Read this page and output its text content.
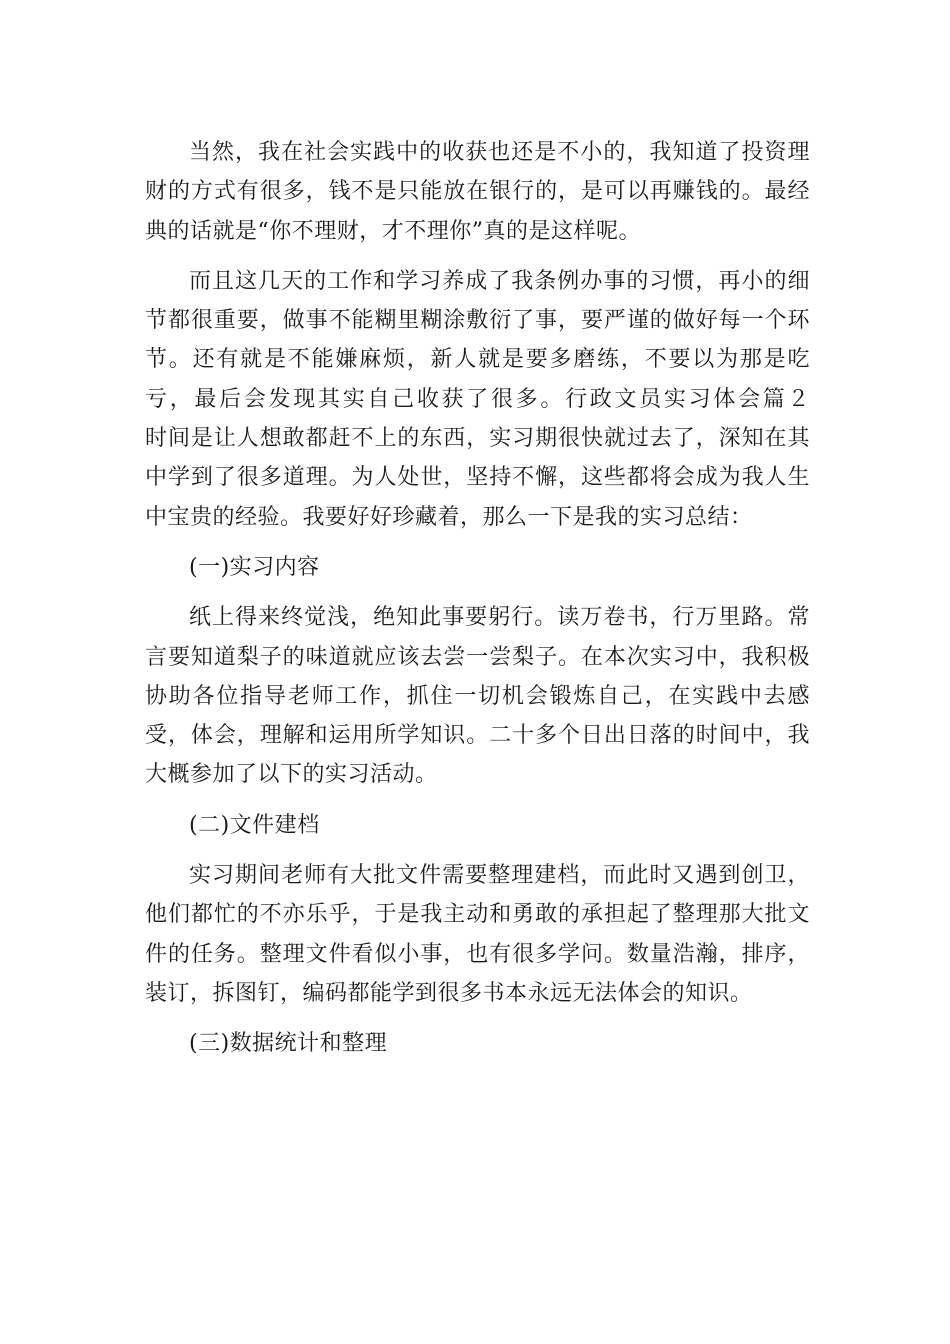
当然，我在社会实践中的收获也还是不小的，我知道了投资理财的方式有很多，钱不是只能放在银行的，是可以再赚钱的。最经典的话就是“你不理财，才不理你”真的是这样呢。

而且这几天的工作和学习养成了我条例办事的习惯，再小的细节都很重要，做事不能糊里糊涂敷衍了事，要严谨的做好每一个环节。还有就是不能嫌麻烦，新人就是要多磨练，不要以为那是吃亏，最后会发现其实自己收获了很多。行政文员实习体会篇２　　时间是让人想敢都赶不上的东西，实习期很快就过去了，深知在其中学到了很多道理。为人处世，坚持不懈，这些都将会成为我人生中宝贵的经验。我要好好珍藏着，那么一下是我的实习总结：

(一)实习内容

纸上得来终觉浅，绝知此事要躬行。读万卷书，行万里路。常言要知道梨子的味道就应该去尝一尝梨子。在本次实习中，我积极协助各位指导老师工作，抓住一切机会锻炼自己，在实践中去感受，体会，理解和运用所学知识。二十多个日出日落的时间中，我大概参加了以下的实习活动。

(二)文件建档

实习期间老师有大批文件需要整理建档，而此时又遇到创卫，他们都忙的不亦乐乎，于是我主动和勇敢的承担起了整理那大批文件的任务。整理文件看似小事，也有很多学问。数量浩瀚，排序，装订，拆图钉，编码都能学到很多书本永远无法体会的知识。

(三)数据统计和整理
